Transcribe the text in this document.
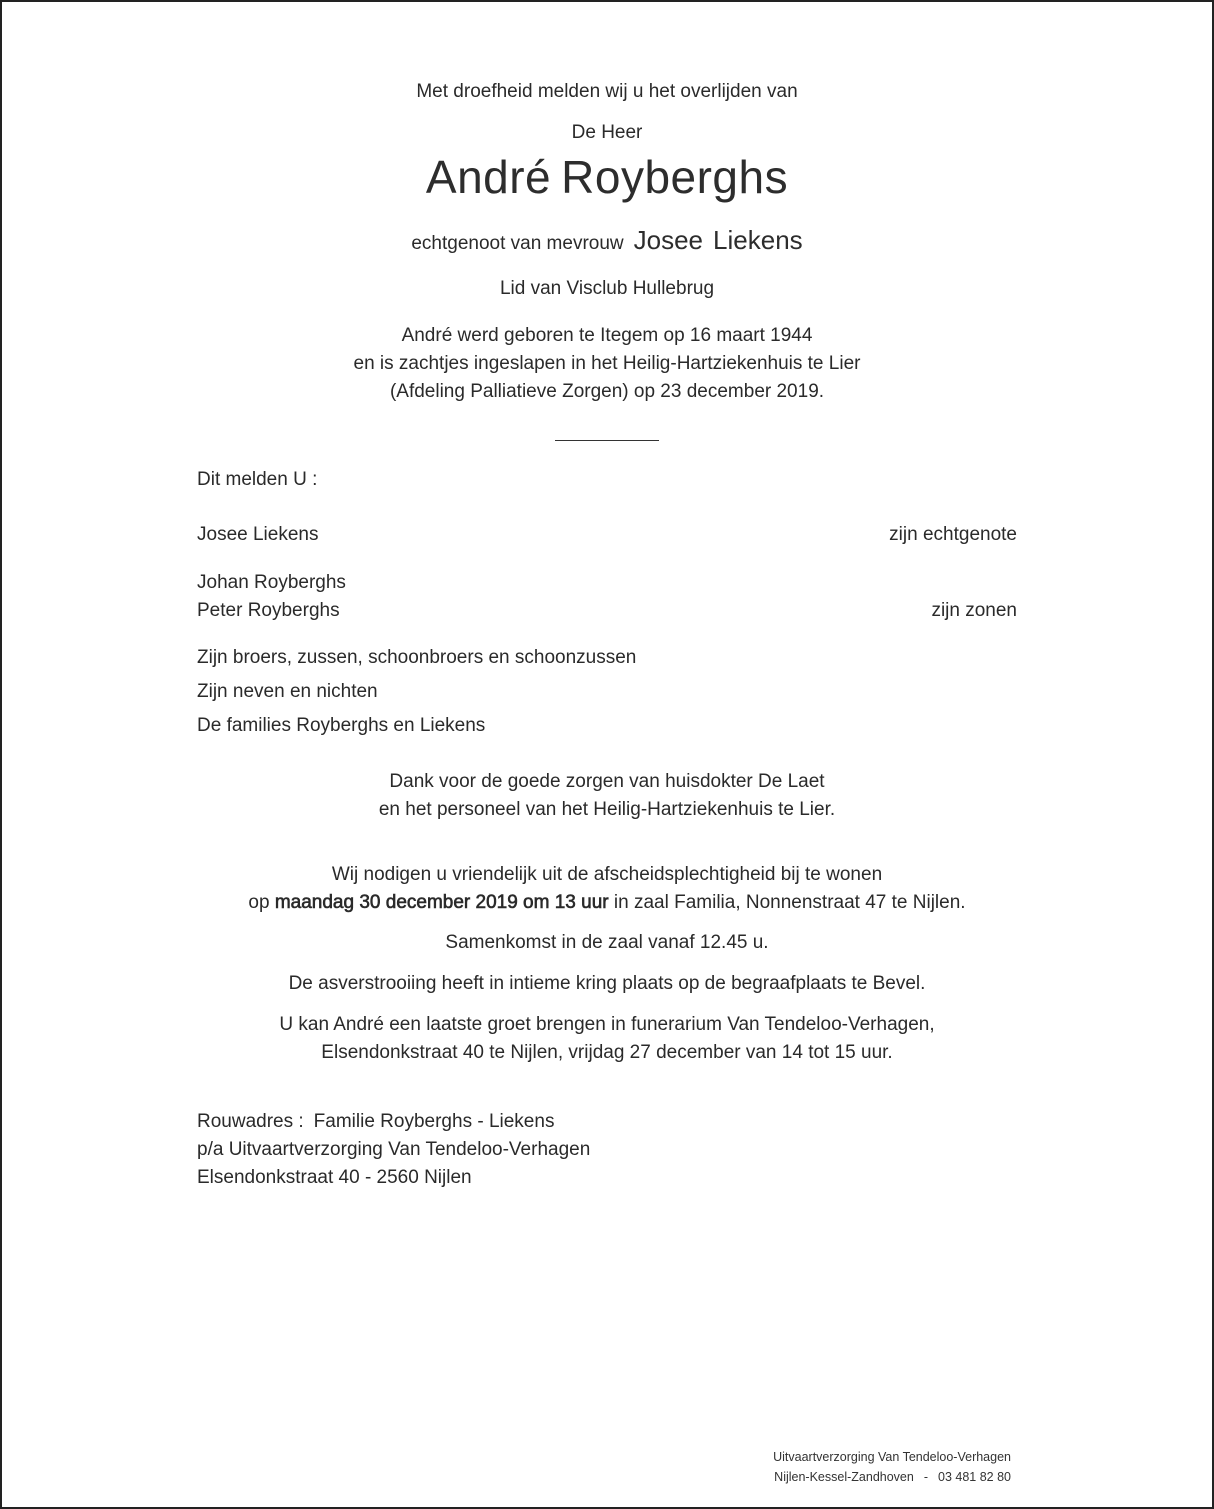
Met droefheid melden wij u het overlijden van
De Heer
André Royberghs
echtgenoot van mevrouw Josee Liekens
Lid van Visclub Hullebrug
André werd geboren te Itegem op 16 maart 1944
en is zachtjes ingeslapen in het Heilig-Hartziekenhuis te Lier
(Afdeling Palliatieve Zorgen) op 23 december 2019.
Dit melden U :
Josee Liekens	zijn echtgenote
Johan Royberghs
Peter Royberghs	zijn zonen
Zijn broers, zussen, schoonbroers en schoonzussen
Zijn neven en nichten
De families Royberghs en Liekens
Dank voor de goede zorgen van huisdokter De Laet
en het personeel van het Heilig-Hartziekenhuis te Lier.
Wij nodigen u vriendelijk uit de afscheidsplechtigheid bij te wonen
op maandag 30 december 2019 om 13 uur in zaal Familia, Nonnenstraat 47 te Nijlen.
Samenkomst in de zaal vanaf 12.45 u.
De asverstrooiing heeft in intieme kring plaats op de begraafplaats te Bevel.
U kan André een laatste groet brengen in funerarium Van Tendeloo-Verhagen,
Elsendonkstraat 40 te Nijlen, vrijdag 27 december van 14 tot 15 uur.
Rouwadres : Familie Royberghs - Liekens
p/a Uitvaartverzorging Van Tendeloo-Verhagen
Elsendonkstraat 40 - 2560 Nijlen
Uitvaartverzorging Van Tendeloo-Verhagen
Nijlen-Kessel-Zandhoven - 03 481 82 80
